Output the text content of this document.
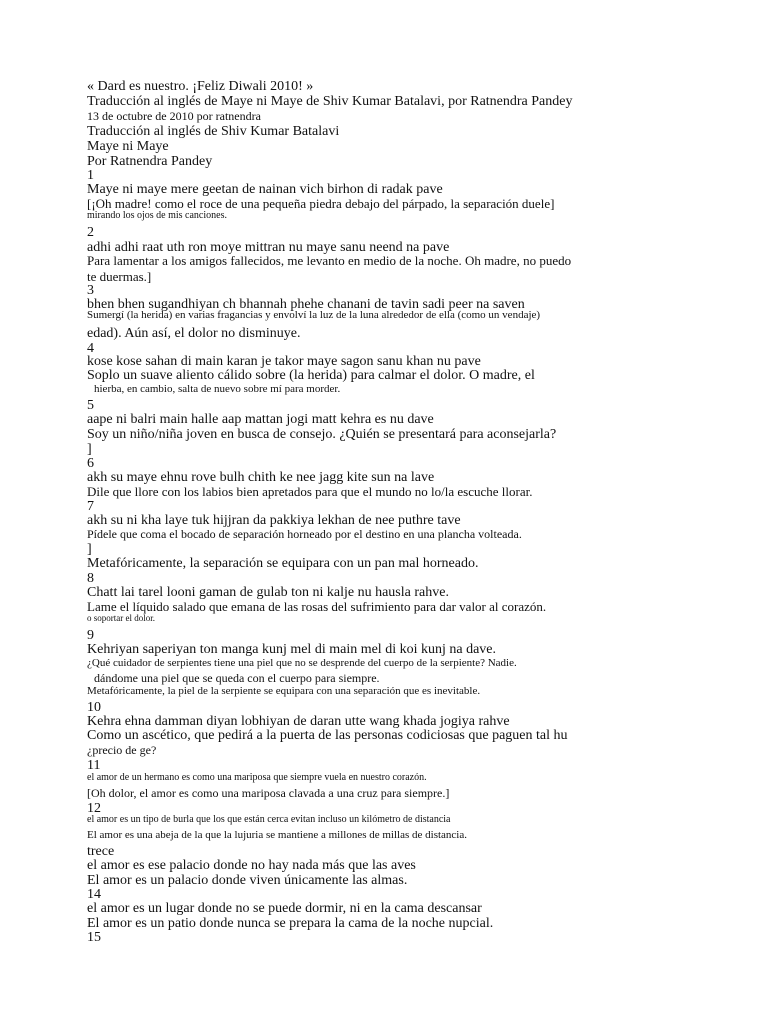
« Dard es nuestro. ¡Feliz Diwali 2010! »
Traducción al inglés de Maye ni Maye de Shiv Kumar Batalavi, por Ratnendra Pandey
13 de octubre de 2010 por ratnendra
Traducción al inglés de Shiv Kumar Batalavi
Maye ni Maye
Por Ratnendra Pandey
1
Maye ni maye mere geetan de nainan vich birhon di radak pave
[¡Oh madre! como el roce de una pequeña piedra debajo del párpado, la separación duele]
mirando los ojos de mis canciones.
2
adhi adhi raat uth ron moye mittran nu maye sanu neend na pave
Para lamentar a los amigos fallecidos, me levanto en medio de la noche. Oh madre, no puedo
te duermas.]
3
bhen bhen sugandhiyan ch bhannah phehe chanani de tavin sadi peer na saven
Sumergí (la herida) en varias fragancias y envolví la luz de la luna alrededor de ella (como un vendaje)
edad). Aún así, el dolor no disminuye.
4
kose kose sahan di main karan je takor maye sagon sanu khan nu pave
Soplo un suave aliento cálido sobre (la herida) para calmar el dolor. O madre, el
hierba, en cambio, salta de nuevo sobre mí para morder.
5
aape ni balri main halle aap mattan jogi matt kehra es nu dave
Soy un niño/niña joven en busca de consejo. ¿Quién se presentará para aconsejarla?
]
6
akh su maye ehnu rove bulh chith ke nee jagg kite sun na lave
Dile que llore con los labios bien apretados para que el mundo no lo/la escuche llorar.
7
akh su ni kha laye tuk hijjran da pakkiya lekhan de nee puthre tave
Pídele que coma el bocado de separación horneado por el destino en una plancha volteada.
]
Metafóricamente, la separación se equipara con un pan mal horneado.
8
Chatt lai tarel looni gaman de gulab ton ni kalje nu hausla rahve.
Lame el líquido salado que emana de las rosas del sufrimiento para dar valor al corazón.
o soportar el dolor.
9
Kehriyan saperiyan ton manga kunj mel di main mel di koi kunj na dave.
¿Qué cuidador de serpientes tiene una piel que no se desprende del cuerpo de la serpiente? Nadie.
dándome una piel que se queda con el cuerpo para siempre.
Metafóricamente, la piel de la serpiente se equipara con una separación que es inevitable.
10
Kehra ehna damman diyan lobhiyan de daran utte wang khada jogiya rahve
Como un ascético, que pedirá a la puerta de las personas codiciosas que paguen tal hu
¿precio de ge?
11
el amor de un hermano es como una mariposa que siempre vuela en nuestro corazón.
[Oh dolor, el amor es como una mariposa clavada a una cruz para siempre.]
12
el amor es un tipo de burla que los que están cerca evitan incluso un kilómetro de distancia
El amor es una abeja de la que la lujuria se mantiene a millones de millas de distancia.
trece
el amor es ese palacio donde no hay nada más que las aves
El amor es un palacio donde viven únicamente las almas.
14
el amor es un lugar donde no se puede dormir, ni en la cama descansar
El amor es un patio donde nunca se prepara la cama de la noche nupcial.
15
